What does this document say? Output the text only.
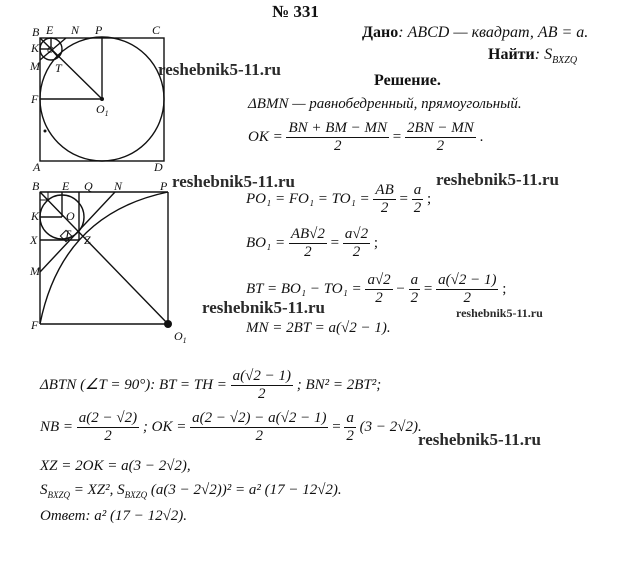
№ 331
Дано: ABCD — квадрат, AB = a.
Найти: $S_{BXZQ}$
Решение.
B E N P	C
K O
M T
F
$O_1$
A	D
B E Q N	P
K O
X T Z
M
F
$O_1$
ΔBMN — равнобедренный, прямоугольный.
OK = $\frac{BN + BM - MN}{2} = \frac{2BN - MN}{2}$ .
$PO_1 = FO_1 = TO_1 = \frac{AB}{2} = \frac{a}{2}$ ;
$BO_1 = \frac{AB√2}{2} = \frac{a√2}{2}$ ;
BT = $BO_1 - TO_1 = \frac{a√2}{2} - \frac{a}{2} = \frac{a(√2 - 1)}{2}$ ;
MN = 2BT = a(√2 − 1).
ΔBTN (∠T = 90°): BT = TH = $\frac{a(√2 - 1)}{2}$ ; BN² = 2BT²;
NB = $\frac{a(2 - √2)}{2}$ ; OK = $\frac{a(2 - √2) - a(√2 - 1)}{2} = \frac{a}{2} (3 - 2√2)$.
XZ = 2OK = a(3 − 2√2),
$S_{BXZQ} = XZ^2$, $S_{BXZQ}$ (a(3 − 2√2))² = a² (17 − 12√2).
Ответ: a² (17 − 12√2).
reshebnik5-11.ru
reshebnik5-11.ru	reshebnik5-11.ru
reshebnik5-11.ru	reshebnik5-11.ru
reshebnik5-11.ru
